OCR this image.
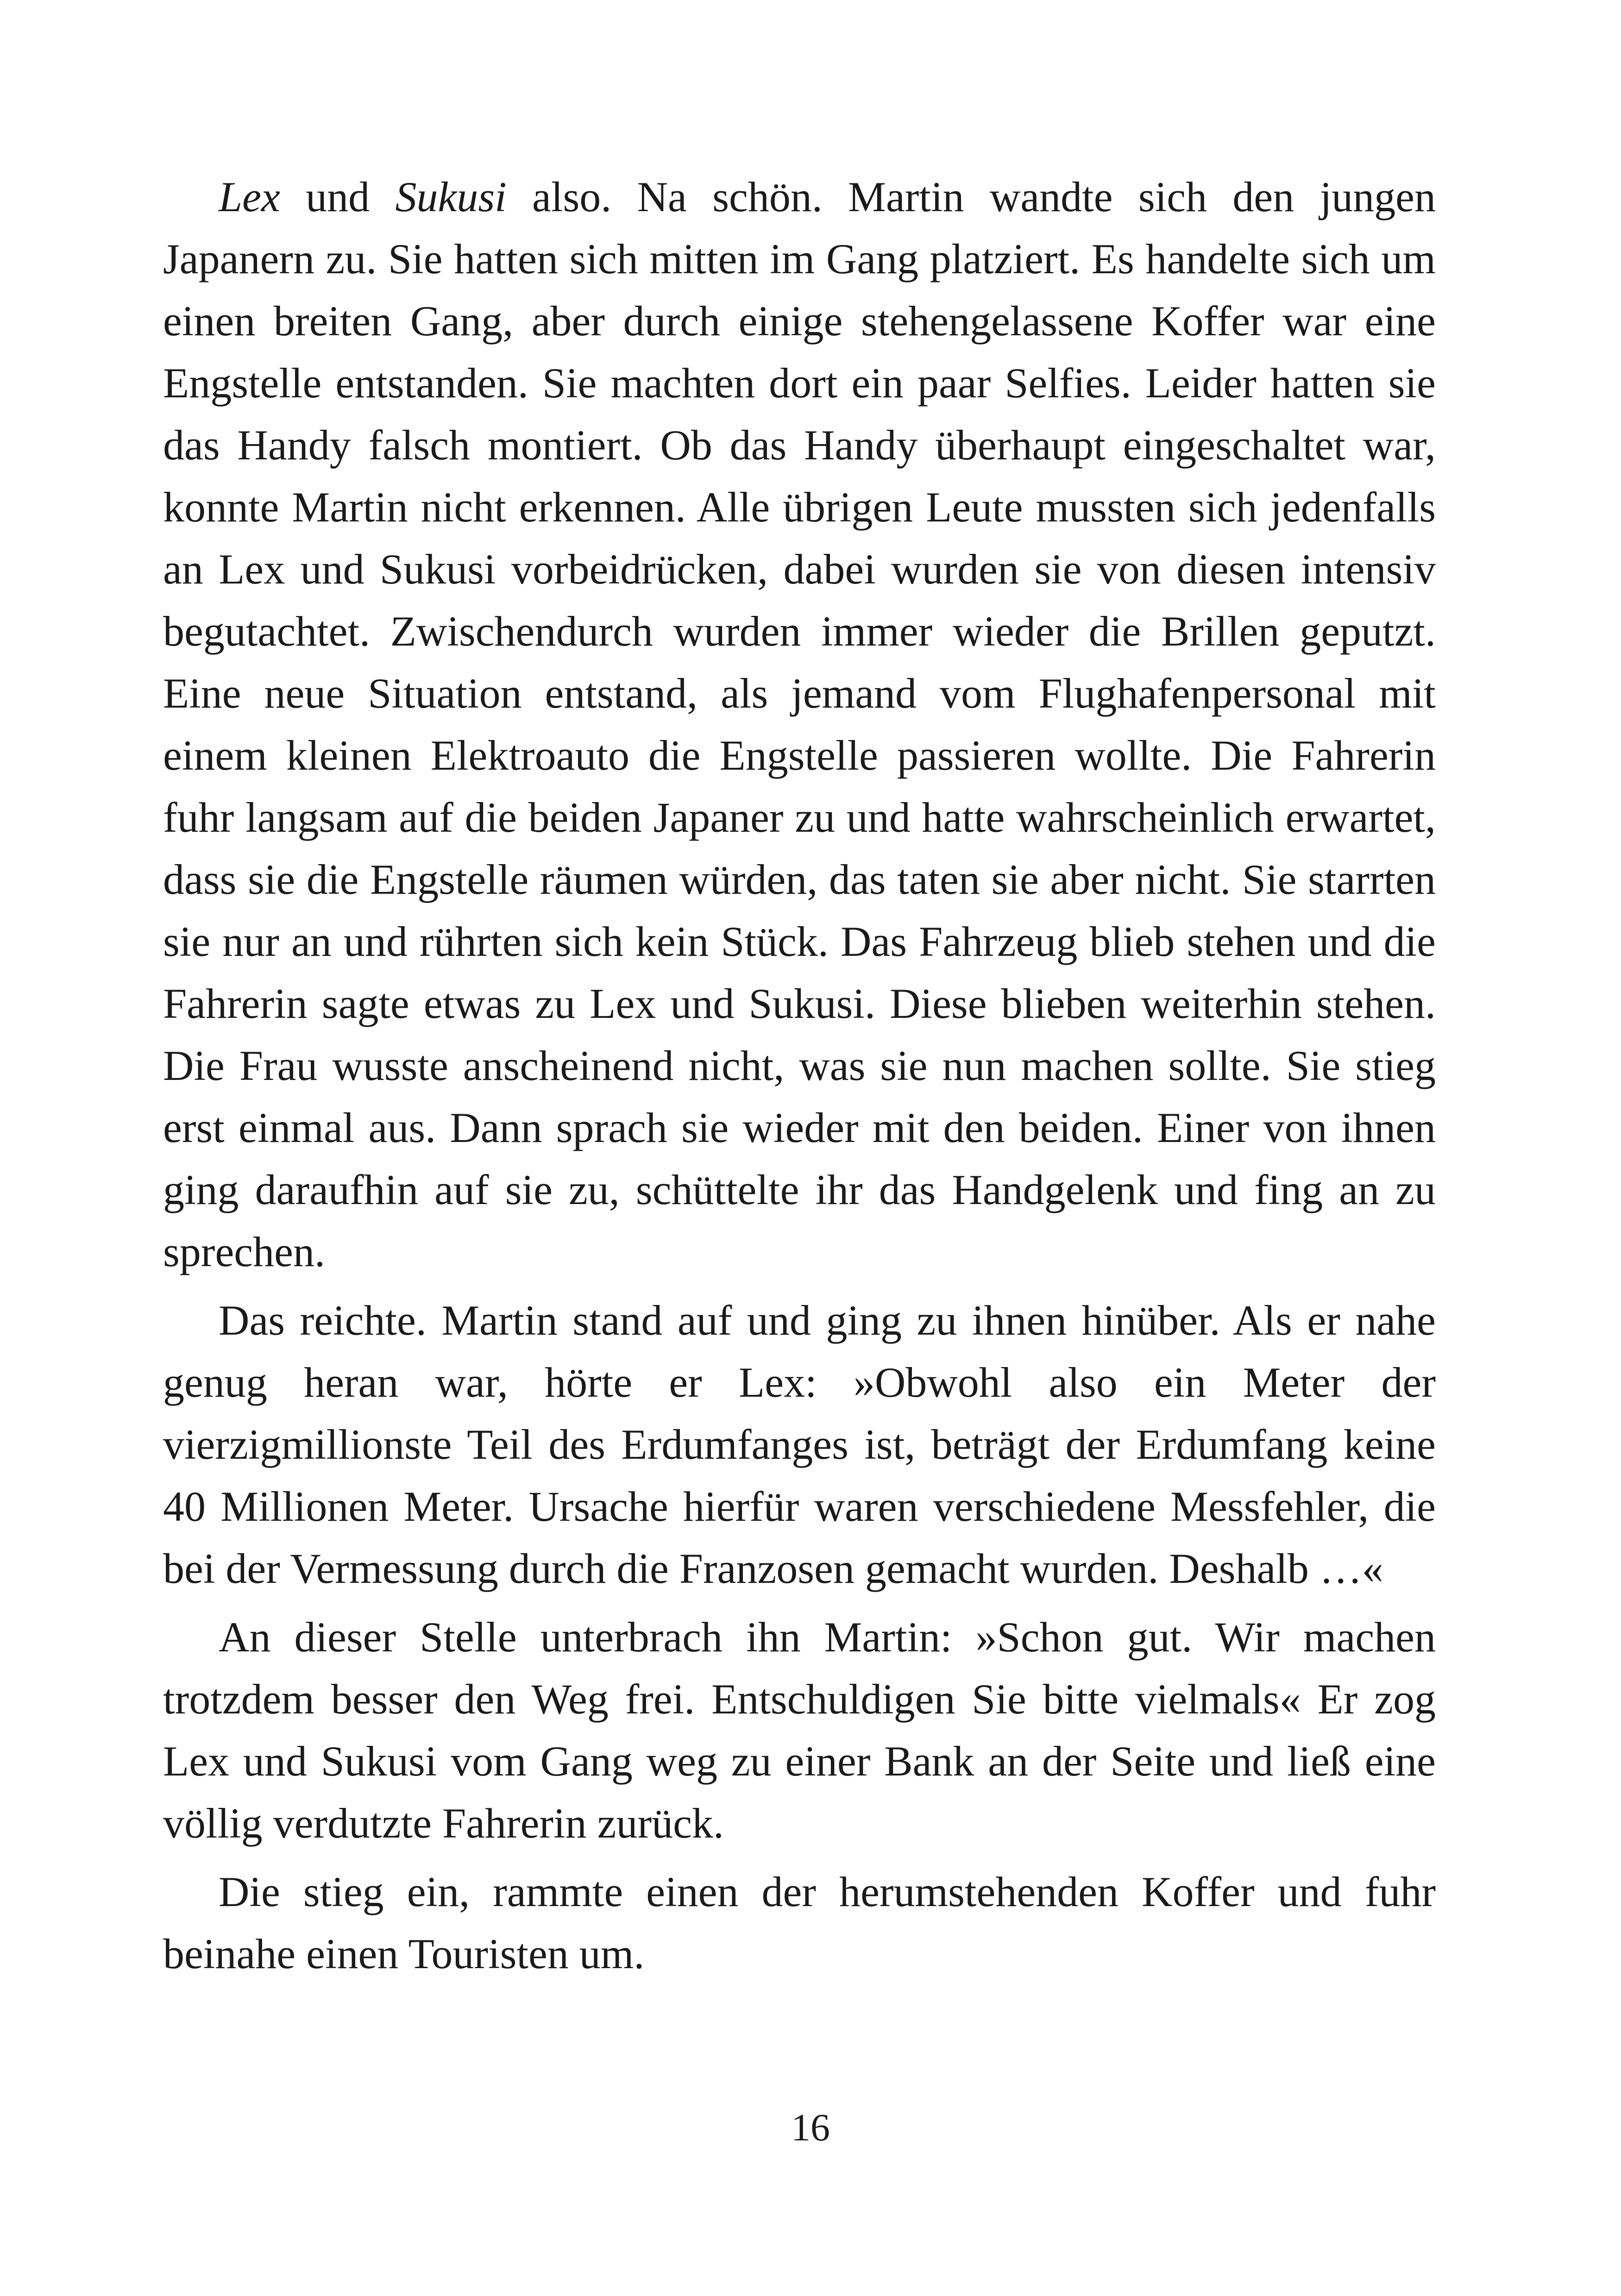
Lex und Sukusi also. Na schön. Martin wandte sich den jungen Japanern zu. Sie hatten sich mitten im Gang platziert. Es handelte sich um einen breiten Gang, aber durch einige stehengelassene Koffer war eine Engstelle entstanden. Sie machten dort ein paar Selfies. Leider hatten sie das Handy falsch montiert. Ob das Handy überhaupt eingeschaltet war, konnte Martin nicht erkennen. Alle übrigen Leute mussten sich jedenfalls an Lex und Sukusi vorbeidrücken, dabei wurden sie von diesen intensiv begutachtet. Zwischendurch wurden immer wieder die Brillen geputzt. Eine neue Situation entstand, als jemand vom Flughafenpersonal mit einem kleinen Elektroauto die Engstelle passieren wollte. Die Fahrerin fuhr langsam auf die beiden Japaner zu und hatte wahrscheinlich erwartet, dass sie die Engstelle räumen würden, das taten sie aber nicht. Sie starrten sie nur an und rührten sich kein Stück. Das Fahrzeug blieb stehen und die Fahrerin sagte etwas zu Lex und Sukusi. Diese blieben weiterhin stehen. Die Frau wusste anscheinend nicht, was sie nun machen sollte. Sie stieg erst einmal aus. Dann sprach sie wieder mit den beiden. Einer von ihnen ging daraufhin auf sie zu, schüttelte ihr das Handgelenk und fing an zu sprechen.

Das reichte. Martin stand auf und ging zu ihnen hinüber. Als er nahe genug heran war, hörte er Lex: »Obwohl also ein Meter der vierzigmillionste Teil des Erdumfanges ist, beträgt der Erdumfang keine 40 Millionen Meter. Ursache hierfür waren verschiedene Messfehler, die bei der Vermessung durch die Franzosen gemacht wurden. Deshalb …«

An dieser Stelle unterbrach ihn Martin: »Schon gut. Wir machen trotzdem besser den Weg frei. Entschuldigen Sie bitte vielmals« Er zog Lex und Sukusi vom Gang weg zu einer Bank an der Seite und ließ eine völlig verdutzte Fahrerin zurück.

Die stieg ein, rammte einen der herumstehenden Koffer und fuhr beinahe einen Touristen um.

16
